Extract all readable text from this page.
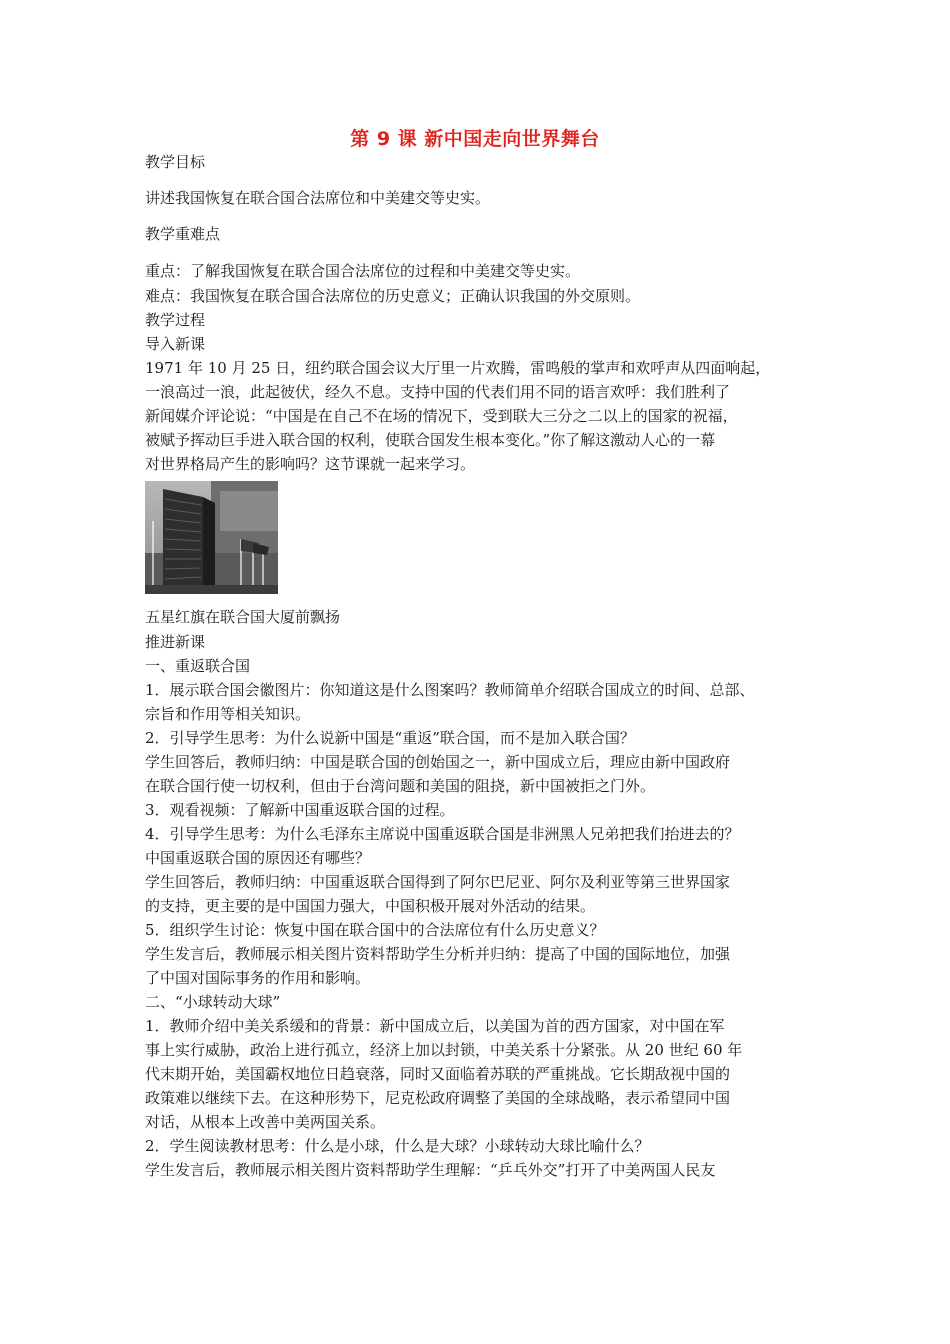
第 9 课 新中国走向世界舞台
教学目标
讲述我国恢复在联合国合法席位和中美建交等史实。
教学重难点
重点：了解我国恢复在联合国合法席位的过程和中美建交等史实。
难点：我国恢复在联合国合法席位的历史意义；正确认识我国的外交原则。
教学过程
导入新课

1971 年 10 月 25 日，纽约联合国会议大厅里一片欢腾，雷鸣般的掌声和欢呼声从四面响起，

一浪高过一浪，此起彼伏，经久不息。支持中国的代表们用不同的语言欢呼：我们胜利了

新闻媒介评论说：“中国是在自己不在场的情况下，受到联大三分之二以上的国家的祝福，

被赋予挥动巨手进入联合国的权利，使联合国发生根本变化。”你了解这激动人心的一幕

对世界格局产生的影响吗？这节课就一起来学习。

五星红旗在联合国大厦前飘扬

推进新课

一、重返联合国

1．展示联合国会徽图片：你知道这是什么图案吗？教师简单介绍联合国成立的时间、总部、

宗旨和作用等相关知识。

2．引导学生思考：为什么说新中国是“重返”联合国，而不是加入联合国？

学生回答后，教师归纳：中国是联合国的创始国之一，新中国成立后，理应由新中国政府

在联合国行使一切权利，但由于台湾问题和美国的阻挠，新中国被拒之门外。

3．观看视频：了解新中国重返联合国的过程。

4．引导学生思考：为什么毛泽东主席说中国重返联合国是非洲黑人兄弟把我们抬进去的？

中国重返联合国的原因还有哪些？

学生回答后，教师归纳：中国重返联合国得到了阿尔巴尼亚、阿尔及利亚等第三世界国家

的支持，更主要的是中国国力强大，中国积极开展对外活动的结果。

5．组织学生讨论：恢复中国在联合国中的合法席位有什么历史意义？

学生发言后，教师展示相关图片资料帮助学生分析并归纳：提高了中国的国际地位，加强

了中国对国际事务的作用和影响。

二、“小球转动大球”

1．教师介绍中美关系缓和的背景：新中国成立后，以美国为首的西方国家，对中国在军

事上实行威胁，政治上进行孤立，经济上加以封锁，中美关系十分紧张。从 20 世纪 60 年

代末期开始，美国霸权地位日趋衰落，同时又面临着苏联的严重挑战。它长期敌视中国的

政策难以继续下去。在这种形势下，尼克松政府调整了美国的全球战略，表示希望同中国

对话，从根本上改善中美两国关系。

2．学生阅读教材思考：什么是小球，什么是大球？小球转动大球比喻什么？

学生发言后，教师展示相关图片资料帮助学生理解：“乒乓外交”打开了中美两国人民友
